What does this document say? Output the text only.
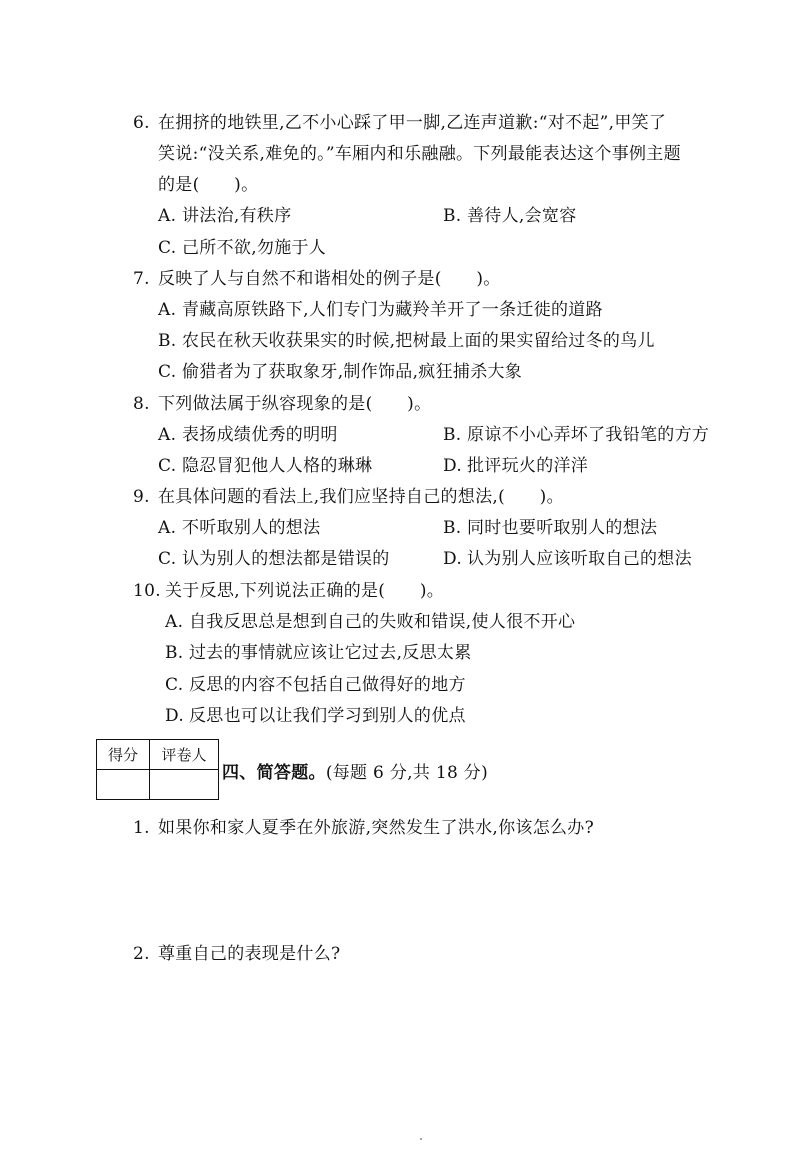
6. 在拥挤的地铁里,乙不小心踩了甲一脚,乙连声道歉:“对不起”,甲笑了
笑说:“没关系,难免的。”车厢内和乐融融。下列最能表达这个事例主题
的是(　　)。
A. 讲法治,有秩序	B. 善待人,会宽容
C. 己所不欲,勿施于人
7. 反映了人与自然不和谐相处的例子是(　　)。
A. 青藏高原铁路下,人们专门为藏羚羊开了一条迁徙的道路
B. 农民在秋天收获果实的时候,把树最上面的果实留给过冬的鸟儿
C. 偷猎者为了获取象牙,制作饰品,疯狂捕杀大象
8. 下列做法属于纵容现象的是(　　)。
A. 表扬成绩优秀的明明	B. 原谅不小心弄坏了我铅笔的方方
C. 隐忍冒犯他人人格的琳琳	D. 批评玩火的洋洋
9. 在具体问题的看法上,我们应坚持自己的想法,(　　)。
A. 不听取别人的想法	B. 同时也要听取别人的想法
C. 认为别人的想法都是错误的	D. 认为别人应该听取自己的想法
10. 关于反思,下列说法正确的是(　　)。
A. 自我反思总是想到自己的失败和错误,使人很不开心
B. 过去的事情就应该让它过去,反思太累
C. 反思的内容不包括自己做得好的地方
D. 反思也可以让我们学习到别人的优点
得分	评卷人

四、简答题。(每题 6 分,共 18 分)
1. 如果你和家人夏季在外旅游,突然发生了洪水,你该怎么办?
2. 尊重自己的表现是什么?
